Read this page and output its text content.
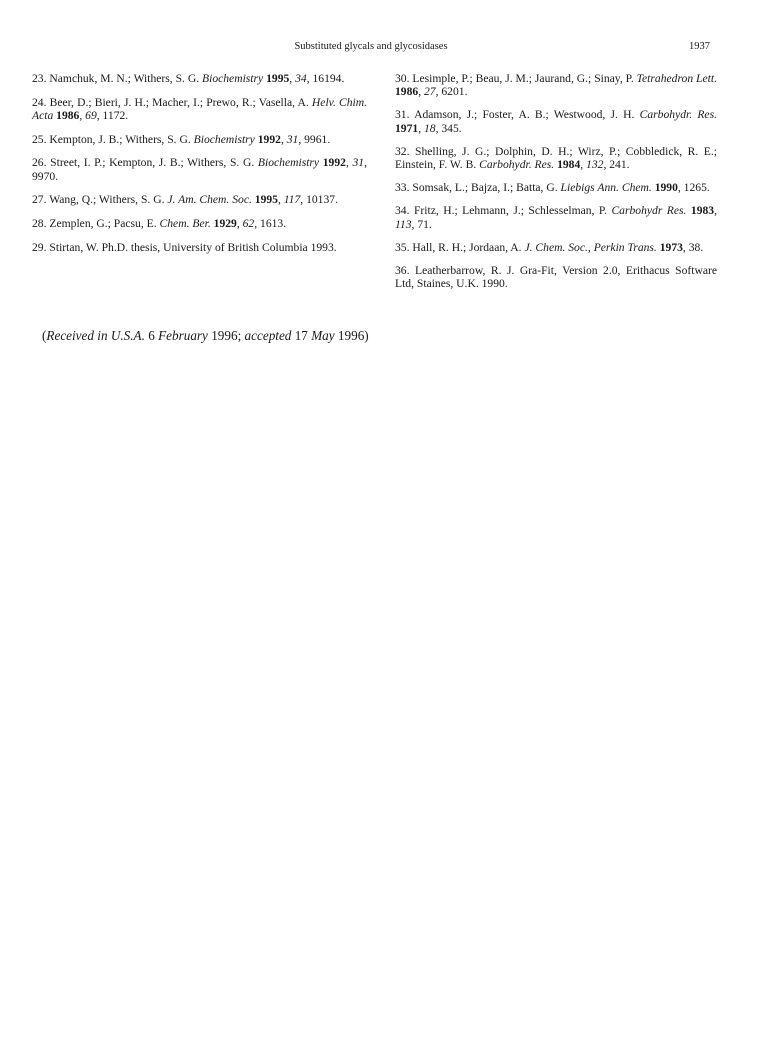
Substituted glycals and glycosidases	1937

23. Namchuk, M. N.; Withers, S. G. Biochemistry 1995, 34, 16194.

24. Beer, D.; Bieri, J. H.; Macher, I.; Prewo, R.; Vasella, A. Helv. Chim. Acta 1986, 69, 1172.

25. Kempton, J. B.; Withers, S. G. Biochemistry 1992, 31, 9961.

26. Street, I. P.; Kempton, J. B.; Withers, S. G. Biochemistry 1992, 31, 9970.

27. Wang, Q.; Withers, S. G. J. Am. Chem. Soc. 1995, 117, 10137.

28. Zemplen, G.; Pacsu, E. Chem. Ber. 1929, 62, 1613.

29. Stirtan, W. Ph.D. thesis, University of British Columbia 1993.

30. Lesimple, P.; Beau, J. M.; Jaurand, G.; Sinay, P. Tetrahedron Lett. 1986, 27, 6201.

31. Adamson, J.; Foster, A. B.; Westwood, J. H. Carbohydr. Res. 1971, 18, 345.

32. Shelling, J. G.; Dolphin, D. H.; Wirz, P.; Cobbledick, R. E.; Einstein, F. W. B. Carbohydr. Res. 1984, 132, 241.

33. Somsak, L.; Bajza, I.; Batta, G. Liebigs Ann. Chem. 1990, 1265.

34. Fritz, H.; Lehmann, J.; Schlesselman, P. Carbohydr Res. 1983, 113, 71.

35. Hall, R. H.; Jordaan, A. J. Chem. Soc., Perkin Trans. 1973, 38.

36. Leatherbarrow, R. J. Gra-Fit, Version 2.0, Erithacus Software Ltd, Staines, U.K. 1990.

(Received in U.S.A. 6 February 1996; accepted 17 May 1996)
